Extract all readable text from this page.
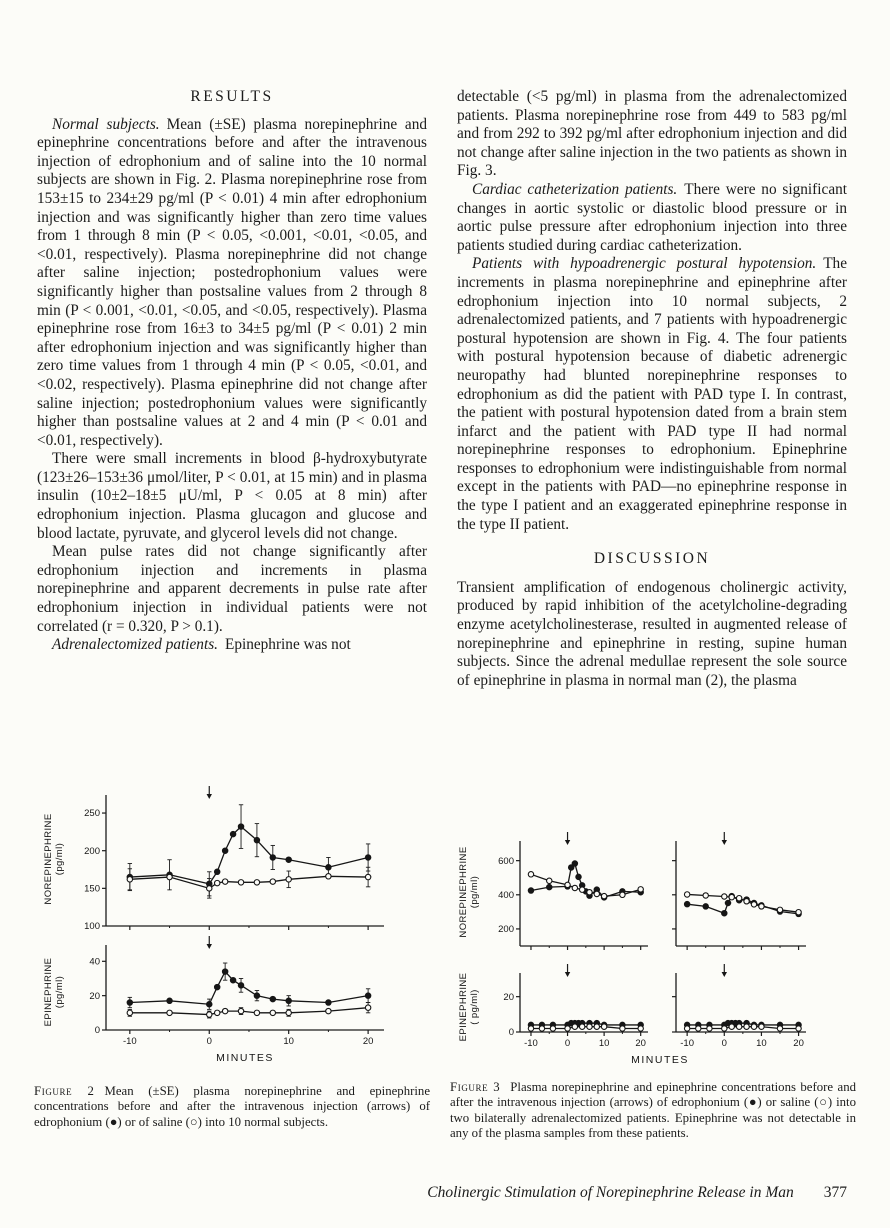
RESULTS

Normal subjects. Mean (±SE) plasma norepinephrine and epinephrine concentrations before and after the intravenous injection of edrophonium and of saline into the 10 normal subjects are shown in Fig. 2. Plasma norepinephrine rose from 153±15 to 234±29 pg/ml (P < 0.01) 4 min after edrophonium injection and was significantly higher than zero time values from 1 through 8 min (P < 0.05, <0.001, <0.01, <0.05, and <0.01, respectively). Plasma norepinephrine did not change after saline injection; postedrophonium values were significantly higher than postsaline values from 2 through 8 min (P < 0.001, <0.01, <0.05, and <0.05, respectively). Plasma epinephrine rose from 16±3 to 34±5 pg/ml (P < 0.01) 2 min after edrophonium injection and was significantly higher than zero time values from 1 through 4 min (P < 0.05, <0.01, and <0.02, respectively). Plasma epinephrine did not change after saline injection; postedrophonium values were significantly higher than postsaline values at 2 and 4 min (P < 0.01 and <0.01, respectively).

There were small increments in blood β-hydroxybutyrate (123±26–153±36 μmol/liter, P < 0.01, at 15 min) and in plasma insulin (10±2–18±5 μU/ml, P < 0.05 at 8 min) after edrophonium injection. Plasma glucagon and glucose and blood lactate, pyruvate, and glycerol levels did not change.

Mean pulse rates did not change significantly after edrophonium injection and increments in plasma norepinephrine and apparent decrements in pulse rate after edrophonium injection in individual patients were not correlated (r = 0.320, P > 0.1).

Adrenalectomized patients. Epinephrine was not

detectable (<5 pg/ml) in plasma from the adrenalectomized patients. Plasma norepinephrine rose from 449 to 583 pg/ml and from 292 to 392 pg/ml after edrophonium injection and did not change after saline injection in the two patients as shown in Fig. 3.

Cardiac catheterization patients. There were no significant changes in aortic systolic or diastolic blood pressure or in aortic pulse pressure after edrophonium injection into three patients studied during cardiac catheterization.

Patients with hypoadrenergic postural hypotension. The increments in plasma norepinephrine and epinephrine after edrophonium injection into 10 normal subjects, 2 adrenalectomized patients, and 7 patients with hypoadrenergic postural hypotension are shown in Fig. 4. The four patients with postural hypotension because of diabetic adrenergic neuropathy had blunted norepinephrine responses to edrophonium as did the patient with PAD type I. In contrast, the patient with postural hypotension dated from a brain stem infarct and the patient with PAD type II had normal norepinephrine responses to edrophonium. Epinephrine responses to edrophonium were indistinguishable from normal except in the patients with PAD—no epinephrine response in the type I patient and an exaggerated epinephrine response in the type II patient.

DISCUSSION

Transient amplification of endogenous cholinergic activity, produced by rapid inhibition of the acetylcholine-degrading enzyme acetylcholinesterase, resulted in augmented release of norepinephrine and epinephrine in resting, supine human subjects. Since the adrenal medullae represent the sole source of epinephrine in plasma in normal man (2), the plasma

NOREPINEPHRINE
(pg/ml)
100
150
200
250
EPINEPHRINE
(pg/ml)
0
20
40
-10	0	10	20
MINUTES

Figure 2 Mean (±SE) plasma norepinephrine and epinephrine concentrations before and after the intravenous injection (arrows) of edrophonium (●) or of saline (○) into 10 normal subjects.

NOREPINEPHRINE
(pg/ml)
200
400
600
EPINEPHRINE
( pg/ml)
0
20
-10	0	10	20	-10	0	10	20
MINUTES

Figure 3 Plasma norepinephrine and epinephrine concentrations before and after the intravenous injection (arrows) of edrophonium (●) or saline (○) into two bilaterally adrenalectomized patients. Epinephrine was not detectable in any of the plasma samples from these patients.

Cholinergic Stimulation of Norepinephrine Release in Man 377
